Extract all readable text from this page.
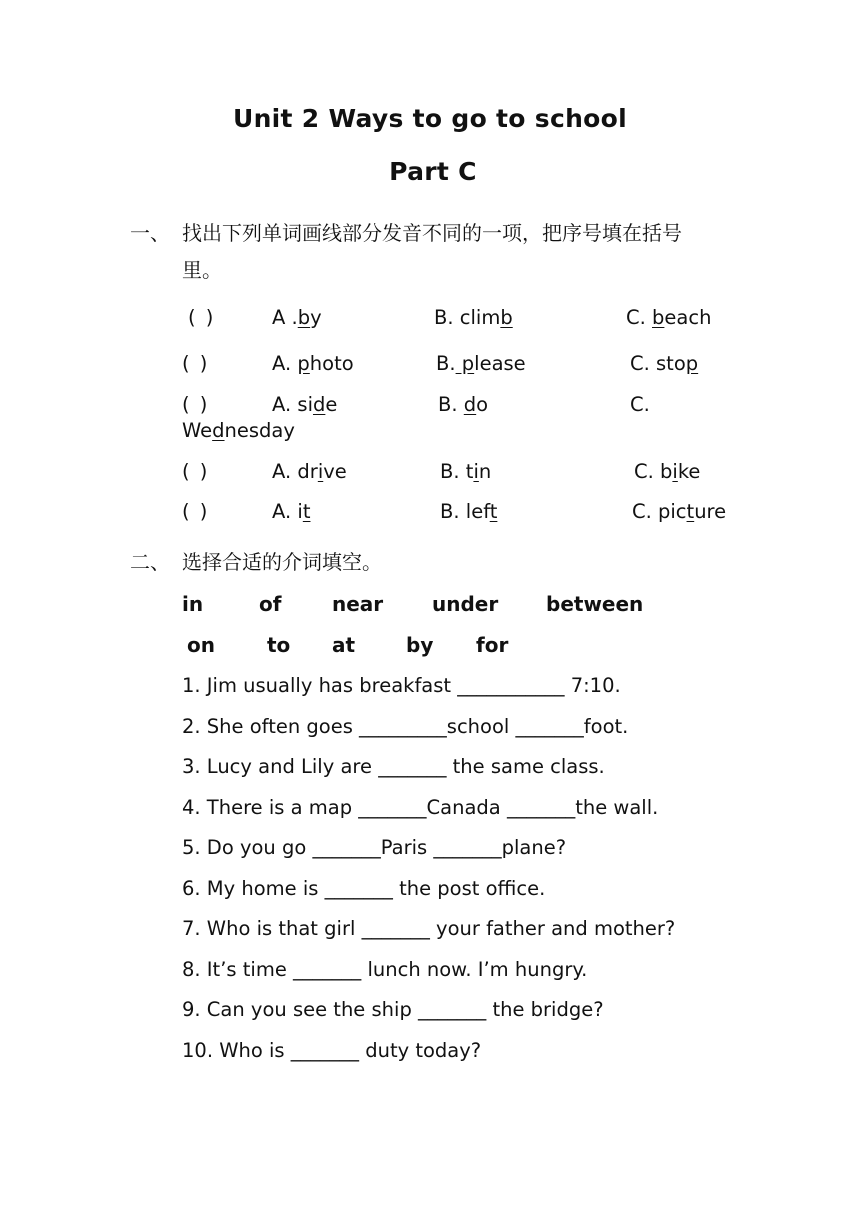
Unit 2 Ways to go to school
Part C
一、 找出下列单词画线部分发音不同的一项，把序号填在括号
里。
( )	A .by	B. climb	C. beach
( )	A. photo	B. please	C. stop
( )	A. side	B. do	C.
Wednesday
( )	A. drive	B. tin	C. bike
( )	A. it	B. left	C. picture
二、 选择合适的介词填空。
in	of	near under between
on	to at	by for
1. Jim usually has breakfast ___________ 7:10.
2. She often goes _________school _______foot.
3. Lucy and Lily are _______ the same class.
4. There is a map _______Canada _______the wall.
5. Do you go _______Paris _______plane?
6. My home is _______ the post office.
7. Who is that girl _______ your father and mother?
8. It’s time _______ lunch now. I’m hungry.
9. Can you see the ship _______ the bridge?
10. Who is _______ duty today?
